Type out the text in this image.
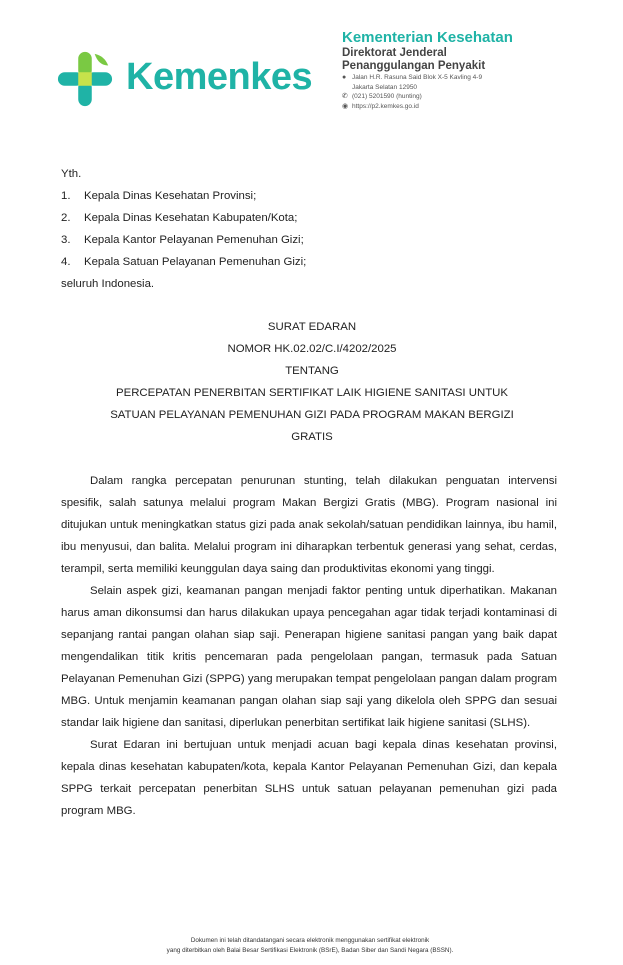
Kemenkes
Kementerian Kesehatan
Direktorat Jenderal
Penanggulangan Penyakit
● Jalan H.R. Rasuna Said Blok X-5 Kavling 4-9
Jakarta Selatan 12950
✆ (021) 5201590 (hunting)
◉ https://p2.kemkes.go.id
Yth.
1.	Kepala Dinas Kesehatan Provinsi;
2.	Kepala Dinas Kesehatan Kabupaten/Kota;
3.	Kepala Kantor Pelayanan Pemenuhan Gizi;
4.	Kepala Satuan Pelayanan Pemenuhan Gizi;
seluruh Indonesia.
SURAT EDARAN
NOMOR HK.02.02/C.I/4202/2025
TENTANG
PERCEPATAN PENERBITAN SERTIFIKAT LAIK HIGIENE SANITASI UNTUK
SATUAN PELAYANAN PEMENUHAN GIZI PADA PROGRAM MAKAN BERGIZI
GRATIS

Dalam rangka percepatan penurunan stunting, telah dilakukan penguatan intervensi spesifik, salah satunya melalui program Makan Bergizi Gratis (MBG). Program nasional ini ditujukan untuk meningkatkan status gizi pada anak sekolah/satuan pendidikan lainnya, ibu hamil, ibu menyusui, dan balita. Melalui program ini diharapkan terbentuk generasi yang sehat, cerdas, terampil, serta memiliki keunggulan daya saing dan produktivitas ekonomi yang tinggi.

Selain aspek gizi, keamanan pangan menjadi faktor penting untuk diperhatikan. Makanan harus aman dikonsumsi dan harus dilakukan upaya pencegahan agar tidak terjadi kontaminasi di sepanjang rantai pangan olahan siap saji. Penerapan higiene sanitasi pangan yang baik dapat mengendalikan titik kritis pencemaran pada pengelolaan pangan, termasuk pada Satuan Pelayanan Pemenuhan Gizi (SPPG) yang merupakan tempat pengelolaan pangan dalam program MBG. Untuk menjamin keamanan pangan olahan siap saji yang dikelola oleh SPPG dan sesuai standar laik higiene dan sanitasi, diperlukan penerbitan sertifikat laik higiene sanitasi (SLHS).

Surat Edaran ini bertujuan untuk menjadi acuan bagi kepala dinas kesehatan provinsi, kepala dinas kesehatan kabupaten/kota, kepala Kantor Pelayanan Pemenuhan Gizi, dan kepala SPPG terkait percepatan penerbitan SLHS untuk satuan pelayanan pemenuhan gizi pada program MBG.

Dokumen ini telah ditandatangani secara elektronik menggunakan sertifikat elektronik
yang diterbitkan oleh Balai Besar Sertifikasi Elektronik (BSrE), Badan Siber dan Sandi Negara (BSSN).
